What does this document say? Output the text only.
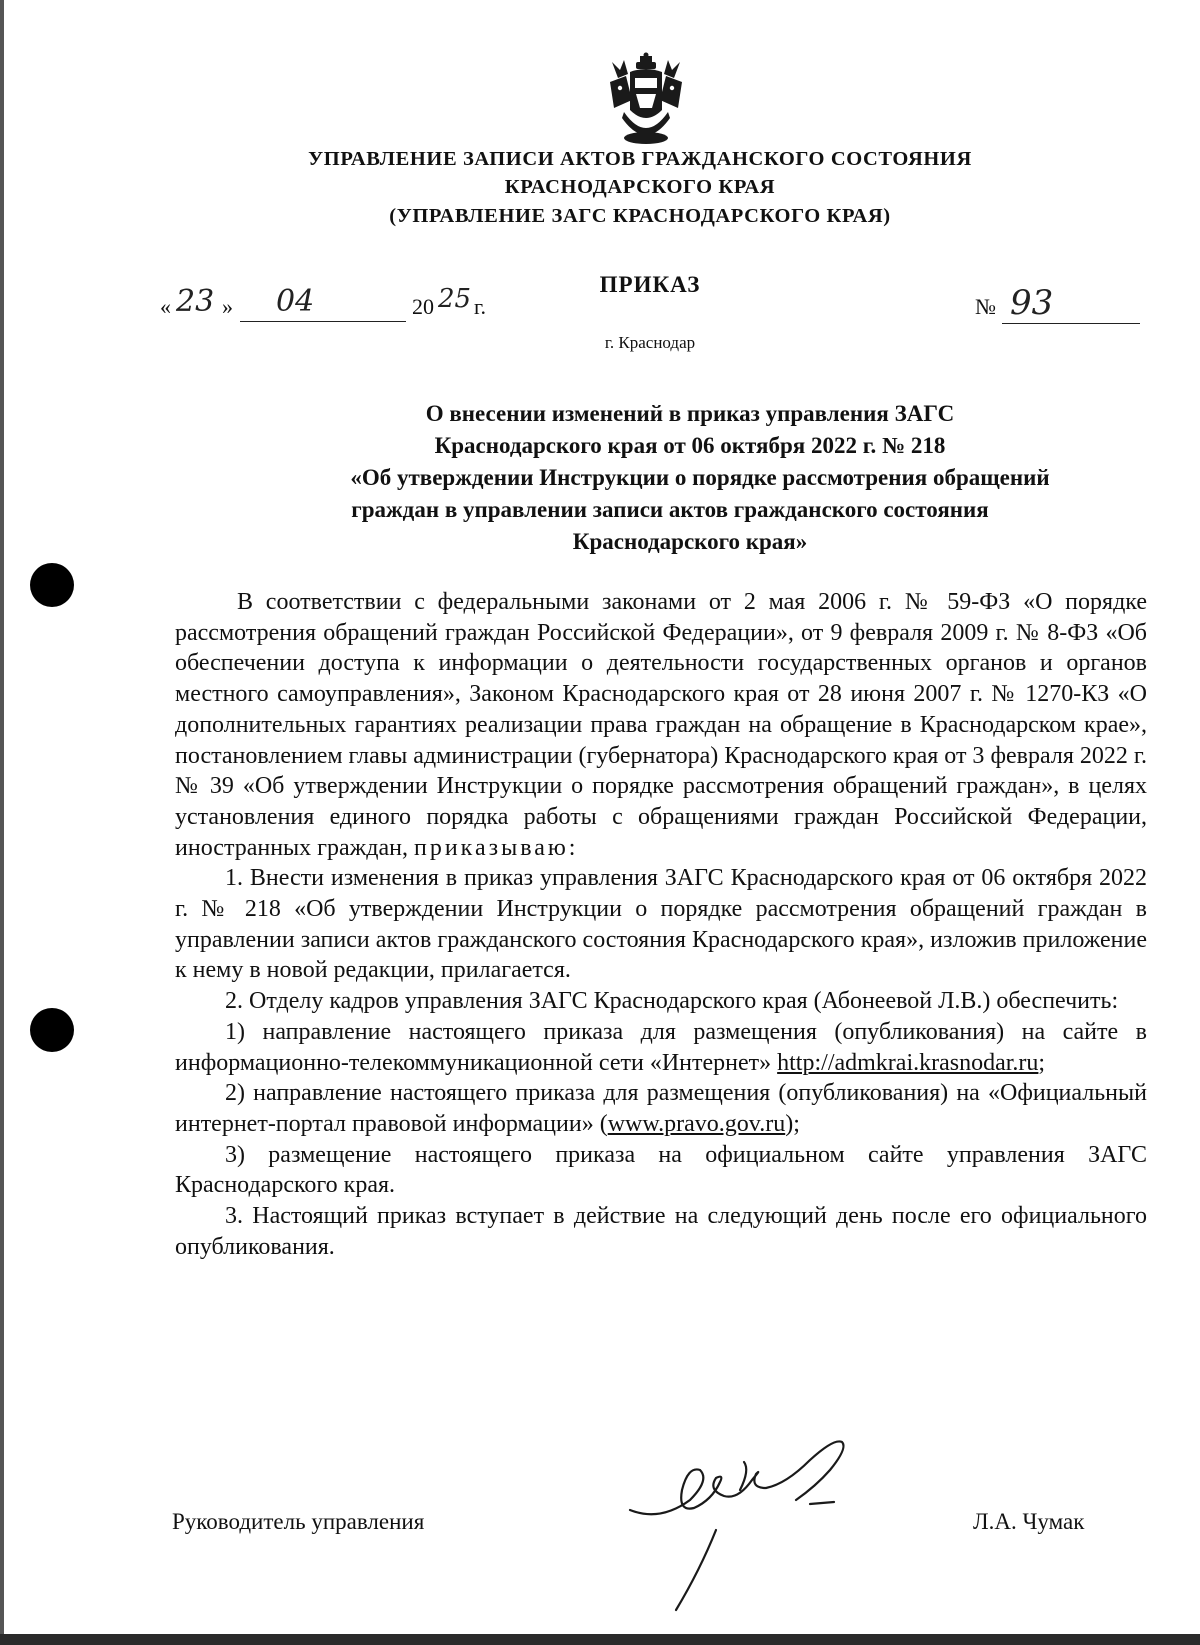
УПРАВЛЕНИЕ ЗАПИСИ АКТОВ ГРАЖДАНСКОГО СОСТОЯНИЯ
КРАСНОДАРСКОГО КРАЯ
(УПРАВЛЕНИЕ ЗАГС КРАСНОДАРСКОГО КРАЯ)
ПРИКАЗ
« 23 » 04	20 25 г.	№ 93
г. Краснодар
О внесении изменений в приказ управления ЗАГС
Краснодарского края от 06 октября 2022 г. № 218
«Об утверждении Инструкции о порядке рассмотрения обращений
граждан в управлении записи актов гражданского состояния
Краснодарского края»

В соответствии с федеральными законами от 2 мая 2006 г. № 59-ФЗ «О порядке рассмотрения обращений граждан Российской Федерации», от 9 февраля 2009 г. № 8-ФЗ «Об обеспечении доступа к информации о деятельности государственных органов и органов местного самоуправления», Законом Краснодарского края от 28 июня 2007 г. № 1270-КЗ «О дополнительных гарантиях реализации права граждан на обращение в Краснодарском крае», постановлением главы администрации (губернатора) Краснодарского края от 3 февраля 2022 г. № 39 «Об утверждении Инструкции о порядке рассмотрения обращений граждан», в целях установления единого порядка работы с обращениями граждан Российской Федерации, иностранных граждан, приказываю:

1. Внести изменения в приказ управления ЗАГС Краснодарского края от 06 октября 2022 г. № 218 «Об утверждении Инструкции о порядке рассмотрения обращений граждан в управлении записи актов гражданского состояния Краснодарского края», изложив приложение к нему в новой редакции, прилагается.

2. Отделу кадров управления ЗАГС Краснодарского края (Абонеевой Л.В.) обеспечить:

1) направление настоящего приказа для размещения (опубликования) на сайте в информационно-телекоммуникационной сети «Интернет» http://admkrai.krasnodar.ru;

2) направление настоящего приказа для размещения (опубликования) на «Официальный интернет-портал правовой информации» (www.pravo.gov.ru);

3) размещение настоящего приказа на официальном сайте управления ЗАГС Краснодарского края.

3. Настоящий приказ вступает в действие на следующий день после его официального опубликования.

Руководитель управления	Л.А. Чумак
